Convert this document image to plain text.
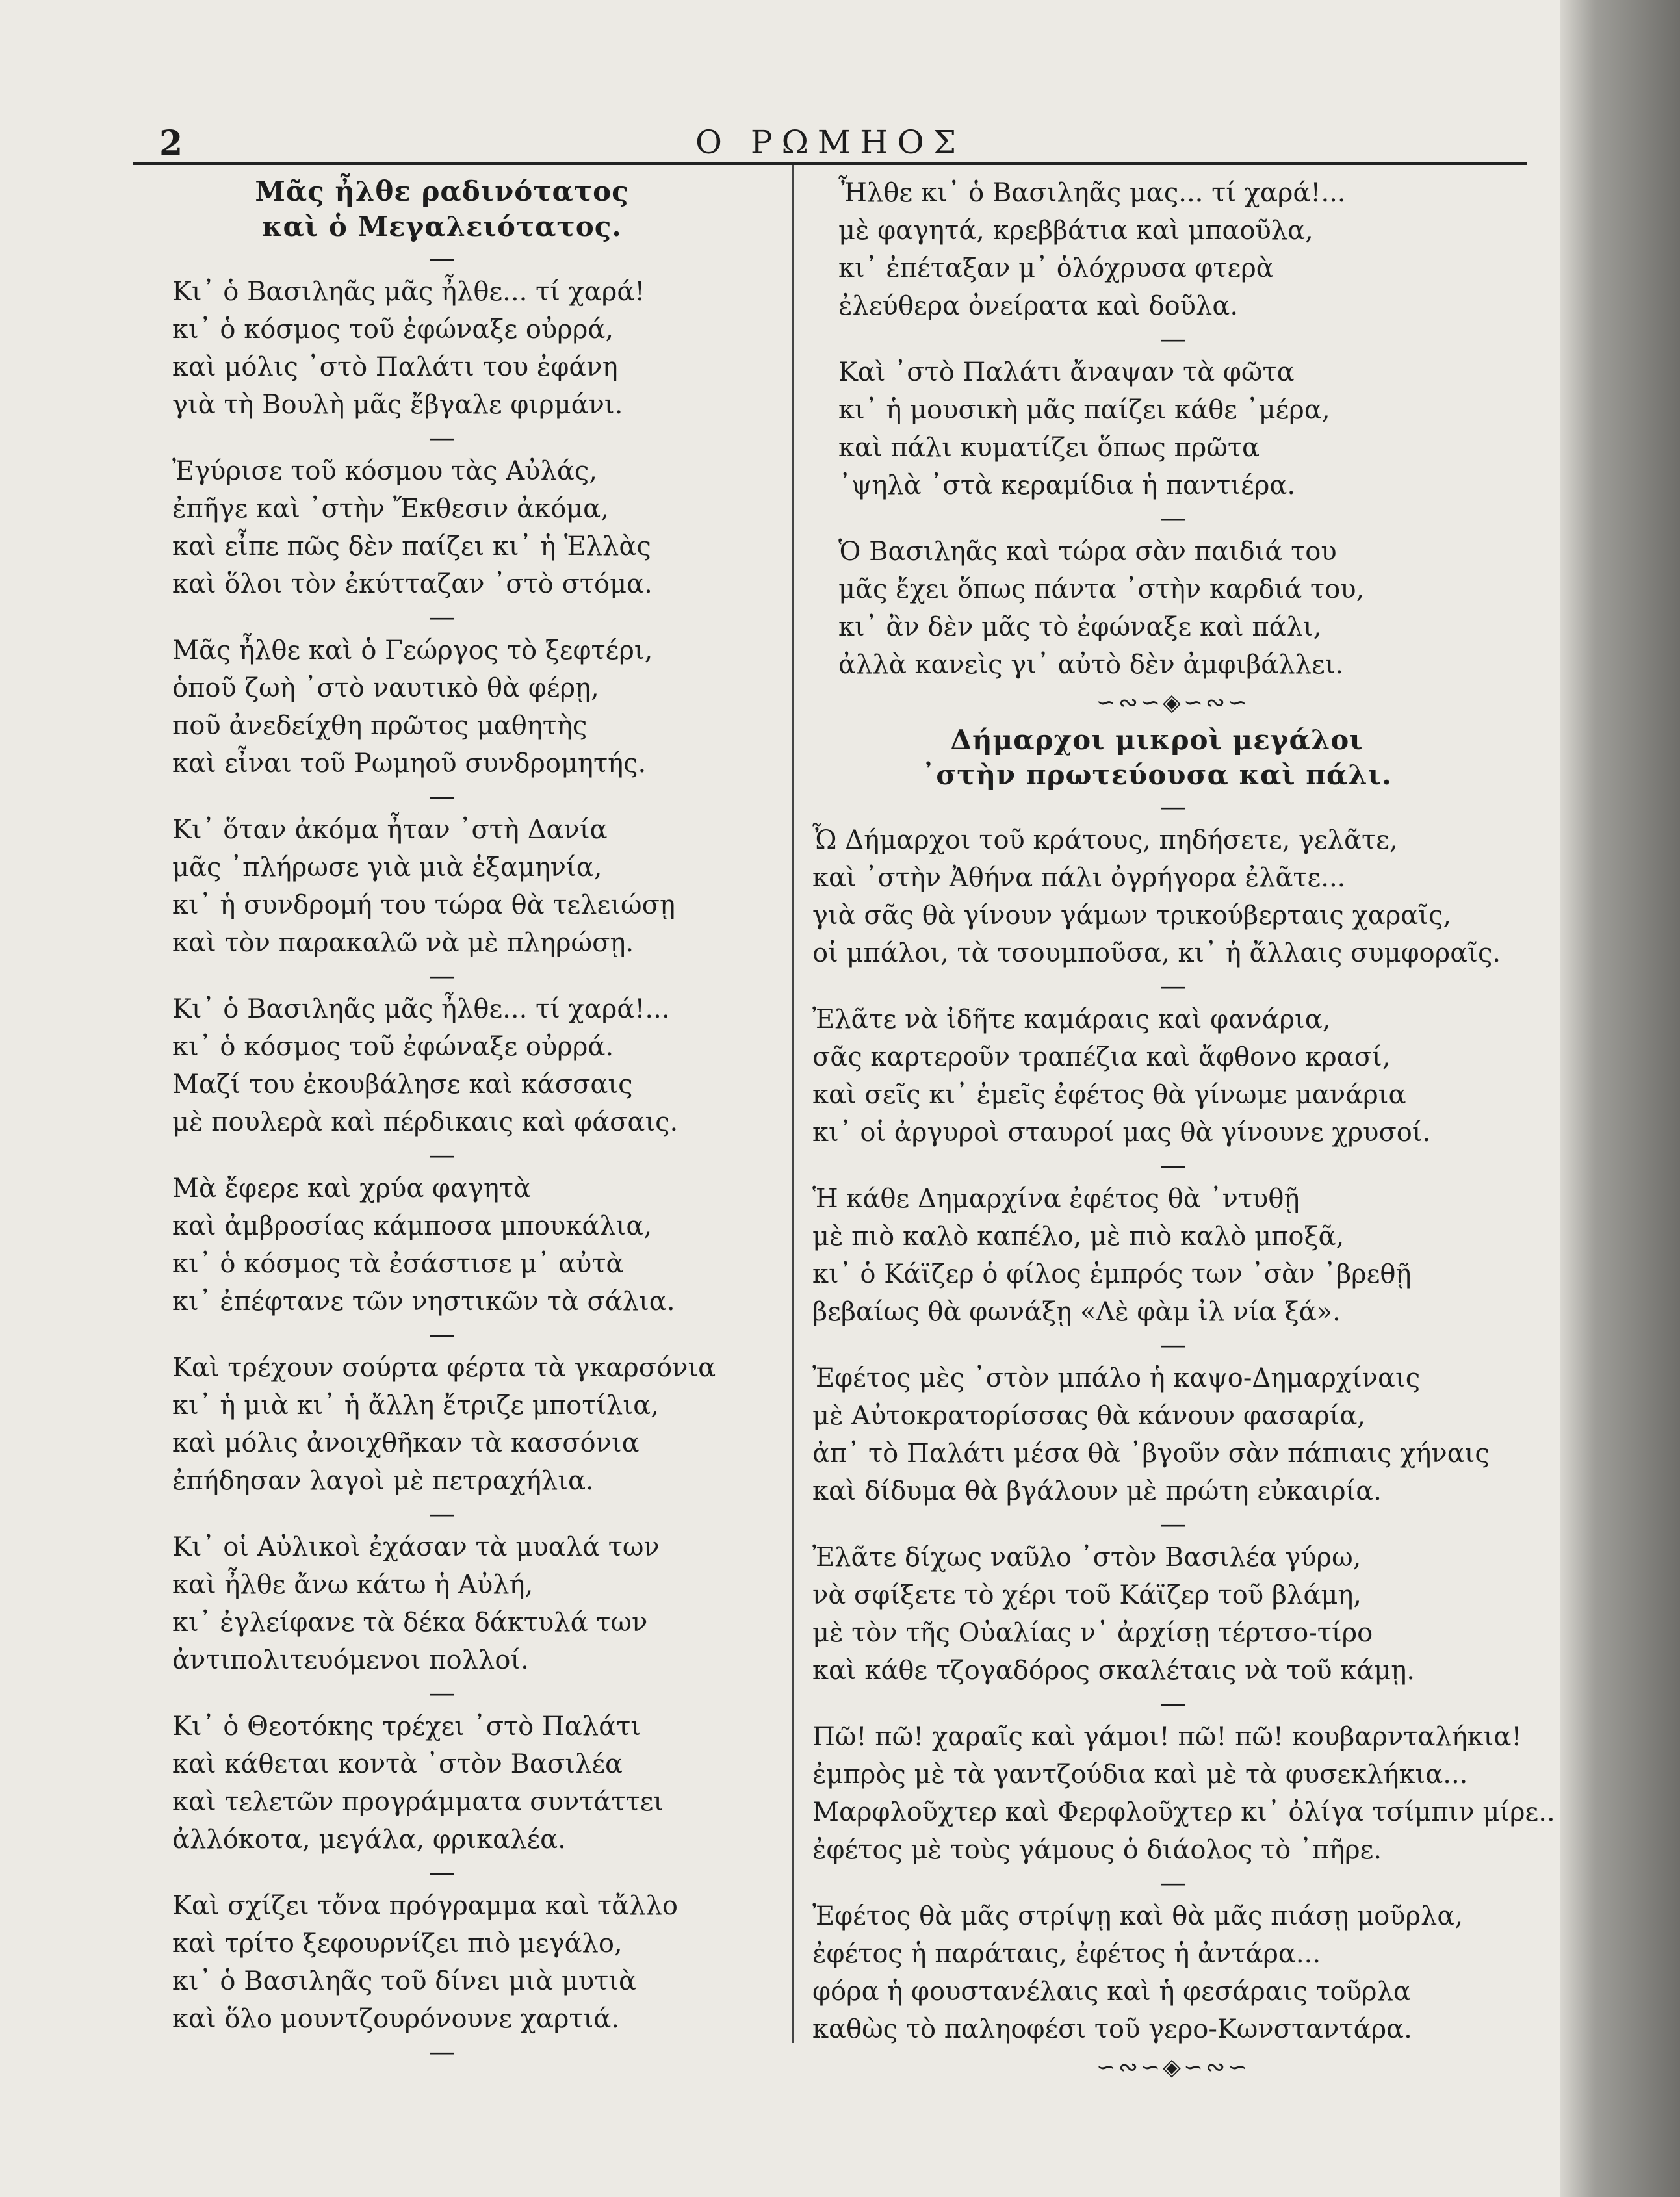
2	Ο ΡΩΜΗΟΣ
Μᾶς ἦλθε ραδινότατος
καὶ ὁ Μεγαλειότατος.
—
Κι᾽ ὁ Βασιληᾶς μᾶς ἦλθε... τί χαρά!
κι᾽ ὁ κόσμος τοῦ ἐφώναξε οὐρρά,
καὶ μόλις ᾽στὸ Παλάτι του ἐφάνη
γιὰ τὴ Βουλὴ μᾶς ἔβγαλε φιρμάνι.
—
Ἐγύρισε τοῦ κόσμου τὰς Αὐλάς,
ἐπῆγε καὶ ᾽στὴν Ἔκθεσιν ἀκόμα,
καὶ εἶπε πῶς δὲν παίζει κι᾽ ἡ Ἑλλὰς
καὶ ὅλοι τὸν ἐκύτταζαν ᾽στὸ στόμα.
—
Μᾶς ἦλθε καὶ ὁ Γεώργος τὸ ξεφτέρι,
ὁποῦ ζωὴ ᾽στὸ ναυτικὸ θὰ φέρῃ,
ποῦ ἀνεδείχθη πρῶτος μαθητὴς
καὶ εἶναι τοῦ Ρωμηοῦ συνδρομητής.
—
Κι᾽ ὅταν ἀκόμα ἦταν ᾽στὴ Δανία
μᾶς ᾽πλήρωσε γιὰ μιὰ ἑξαμηνία,
κι᾽ ἡ συνδρομή του τώρα θὰ τελειώσῃ
καὶ τὸν παρακαλῶ νὰ μὲ πληρώσῃ.
—
Κι᾽ ὁ Βασιληᾶς μᾶς ἦλθε... τί χαρά!...
κι᾽ ὁ κόσμος τοῦ ἐφώναξε οὐρρά.
Μαζί του ἐκουβάλησε καὶ κάσσαις
μὲ πουλερὰ καὶ πέρδικαις καὶ φάσαις.
—
Μὰ ἔφερε καὶ χρύα φαγητὰ
καὶ ἀμβροσίας κάμποσα μπουκάλια,
κι᾽ ὁ κόσμος τὰ ἐσάστισε μ᾽ αὐτὰ
κι᾽ ἐπέφτανε τῶν νηστικῶν τὰ σάλια.
—
Καὶ τρέχουν σούρτα φέρτα τὰ γκαρσόνια
κι᾽ ἡ μιὰ κι᾽ ἡ ἄλλη ἔτριζε μποτίλια,
καὶ μόλις ἀνοιχθῆκαν τὰ κασσόνια
ἐπήδησαν λαγοὶ μὲ πετραχήλια.
—
Κι᾽ οἱ Αὐλικοὶ ἐχάσαν τὰ μυαλά των
καὶ ἦλθε ἄνω κάτω ἡ Αὐλή,
κι᾽ ἐγλείφανε τὰ δέκα δάκτυλά των
ἀντιπολιτευόμενοι πολλοί.
—
Κι᾽ ὁ Θεοτόκης τρέχει ᾽στὸ Παλάτι
καὶ κάθεται κοντὰ ᾽στὸν Βασιλέα
καὶ τελετῶν προγράμματα συντάττει
ἀλλόκοτα, μεγάλα, φρικαλέα.
—
Καὶ σχίζει τὄνα πρόγραμμα καὶ τἄλλο
καὶ τρίτο ξεφουρνίζει πιὸ μεγάλο,
κι᾽ ὁ Βασιληᾶς τοῦ δίνει μιὰ μυτιὰ
καὶ ὅλο μουντζουρόνουνε χαρτιά.
—
Ἦλθε κι᾽ ὁ Βασιληᾶς μας... τί χαρά!...
μὲ φαγητά, κρεββάτια καὶ μπαοῦλα,
κι᾽ ἐπέταξαν μ᾽ ὁλόχρυσα φτερὰ
ἐλεύθερα ὀνείρατα καὶ δοῦλα.
—
Καὶ ᾽στὸ Παλάτι ἄναψαν τὰ φῶτα
κι᾽ ἡ μουσικὴ μᾶς παίζει κάθε ᾽μέρα,
καὶ πάλι κυματίζει ὅπως πρῶτα
᾽ψηλὰ ᾽στὰ κεραμίδια ἡ παντιέρα.
—
Ὁ Βασιληᾶς καὶ τώρα σὰν παιδιά του
μᾶς ἔχει ὅπως πάντα ᾽στὴν καρδιά του,
κι᾽ ἂν δὲν μᾶς τὸ ἐφώναξε καὶ πάλι,
ἀλλὰ κανεὶς γι᾽ αὐτὸ δὲν ἀμφιβάλλει.
∽∾∽◈∽∾∽
Δήμαρχοι μικροὶ μεγάλοι
᾽στὴν πρωτεύουσα καὶ πάλι.
—
Ὦ Δήμαρχοι τοῦ κράτους, πηδήσετε, γελᾶτε,
καὶ ᾽στὴν Ἀθήνα πάλι ὀγρήγορα ἐλᾶτε...
γιὰ σᾶς θὰ γίνουν γάμων τρικούβερταις χαραῖς,
οἱ μπάλοι, τὰ τσουμποῦσα, κι᾽ ἡ ἄλλαις συμφοραῖς.
—
Ἐλᾶτε νὰ ἰδῆτε καμάραις καὶ φανάρια,
σᾶς καρτεροῦν τραπέζια καὶ ἄφθονο κρασί,
καὶ σεῖς κι᾽ ἐμεῖς ἐφέτος θὰ γίνωμε μανάρια
κι᾽ οἱ ἀργυροὶ σταυροί μας θὰ γίνουνε χρυσοί.
—
Ἡ κάθε Δημαρχίνα ἐφέτος θὰ ᾽ντυθῇ
μὲ πιὸ καλὸ καπέλο, μὲ πιὸ καλὸ μποξᾶ,
κι᾽ ὁ Κάϊζερ ὁ φίλος ἐμπρός των ᾽σὰν ᾽βρεθῇ
βεβαίως θὰ φωνάξῃ «Λὲ φὰμ ἰλ νία ξά».
—
Ἐφέτος μὲς ᾽στὸν μπάλο ἡ καψο-Δημαρχίναις
μὲ Αὐτοκρατορίσσας θὰ κάνουν φασαρία,
ἀπ᾽ τὸ Παλάτι μέσα θὰ ᾽βγοῦν σὰν πάπιαις χήναις
καὶ δίδυμα θὰ βγάλουν μὲ πρώτη εὐκαιρία.
—
Ἐλᾶτε δίχως ναῦλο ᾽στὸν Βασιλέα γύρω,
νὰ σφίξετε τὸ χέρι τοῦ Κάϊζερ τοῦ βλάμη,
μὲ τὸν τῆς Οὐαλίας ν᾽ ἀρχίσῃ τέρτσο-τίρο
καὶ κάθε τζογαδόρος σκαλέταις νὰ τοῦ κάμῃ.
—
Πῶ! πῶ! χαραῖς καὶ γάμοι! πῶ! πῶ! κουβαρνταλήκια!
ἐμπρὸς μὲ τὰ γαντζούδια καὶ μὲ τὰ φυσεκλήκια...
Μαρφλοῦχτερ καὶ Φερφλοῦχτερ κι᾽ ὀλίγα τσίμπιν μίρε..
ἐφέτος μὲ τοὺς γάμους ὁ διάολος τὸ ᾽πῆρε.
—
Ἐφέτος θὰ μᾶς στρίψῃ καὶ θὰ μᾶς πιάσῃ μοῦρλα,
ἐφέτος ἡ παράταις, ἐφέτος ἡ ἀντάρα...
φόρα ἡ φουστανέλαις καὶ ἡ φεσάραις τοῦρλα
καθὼς τὸ παληοφέσι τοῦ γερο-Κωνσταντάρα.
∽∾∽◈∽∾∽
